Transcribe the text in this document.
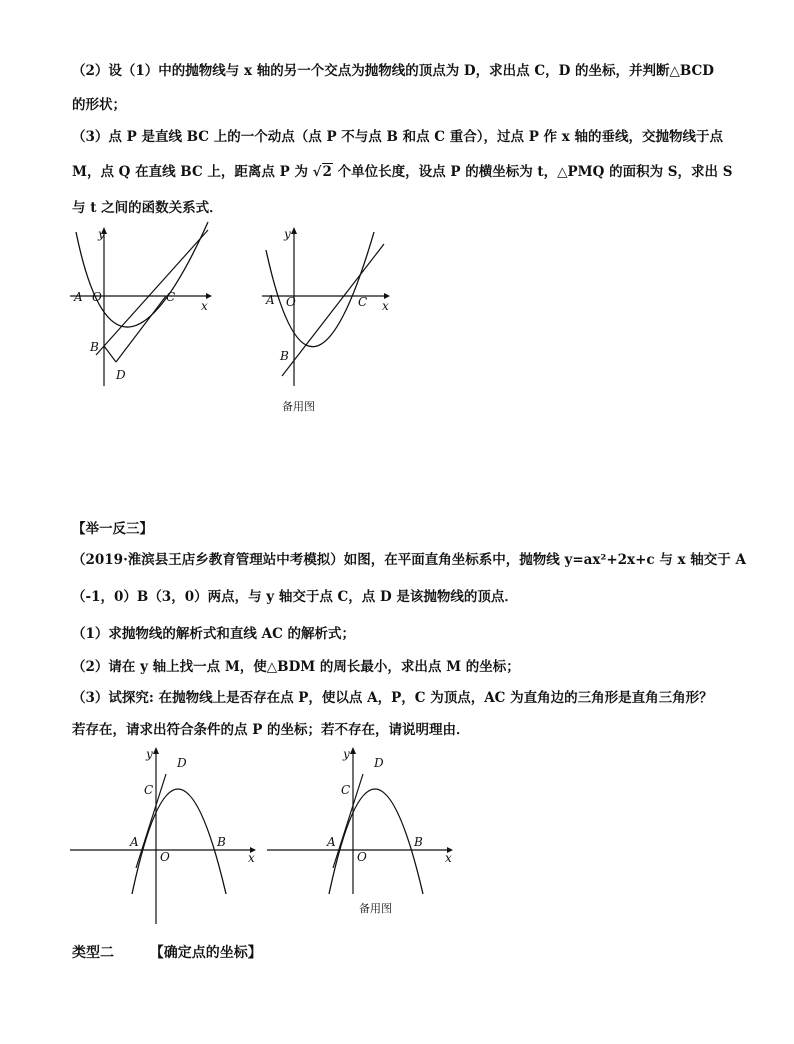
（2）设（1）中的抛物线与 x 轴的另一个交点为抛物线的顶点为 D，求出点 C，D 的坐标，并判断△BCD
的形状；
（3）点 P 是直线 BC 上的一个动点（点 P 不与点 B 和点 C 重合），过点 P 作 x 轴的垂线，交抛物线于点
M，点 Q 在直线 BC 上，距离点 P 为 √2 个单位长度，设点 P 的横坐标为 t，△PMQ 的面积为 S，求出 S
与 t 之间的函数关系式．
y
x
A O	C
B
D
y
x
A O	C
B
备用图
【举一反三】
（2019·淮滨县王店乡教育管理站中考模拟）如图，在平面直角坐标系中，抛物线 y=ax²+2x+c 与 x 轴交于 A
（-1，0）B（3，0）两点，与 y 轴交于点 C，点 D 是该抛物线的顶点．
（1）求抛物线的解析式和直线 AC 的解析式；
（2）请在 y 轴上找一点 M，使△BDM 的周长最小，求出点 M 的坐标；
（3）试探究: 在抛物线上是否存在点 P，使以点 A，P，C 为顶点，AC 为直角边的三角形是直角三角形？
若存在，请求出符合条件的点 P 的坐标；若不存在，请说明理由．
y
x
A
O
C
B
D
y
x
A
O
C
B
D
备用图
类型二	【确定点的坐标】
